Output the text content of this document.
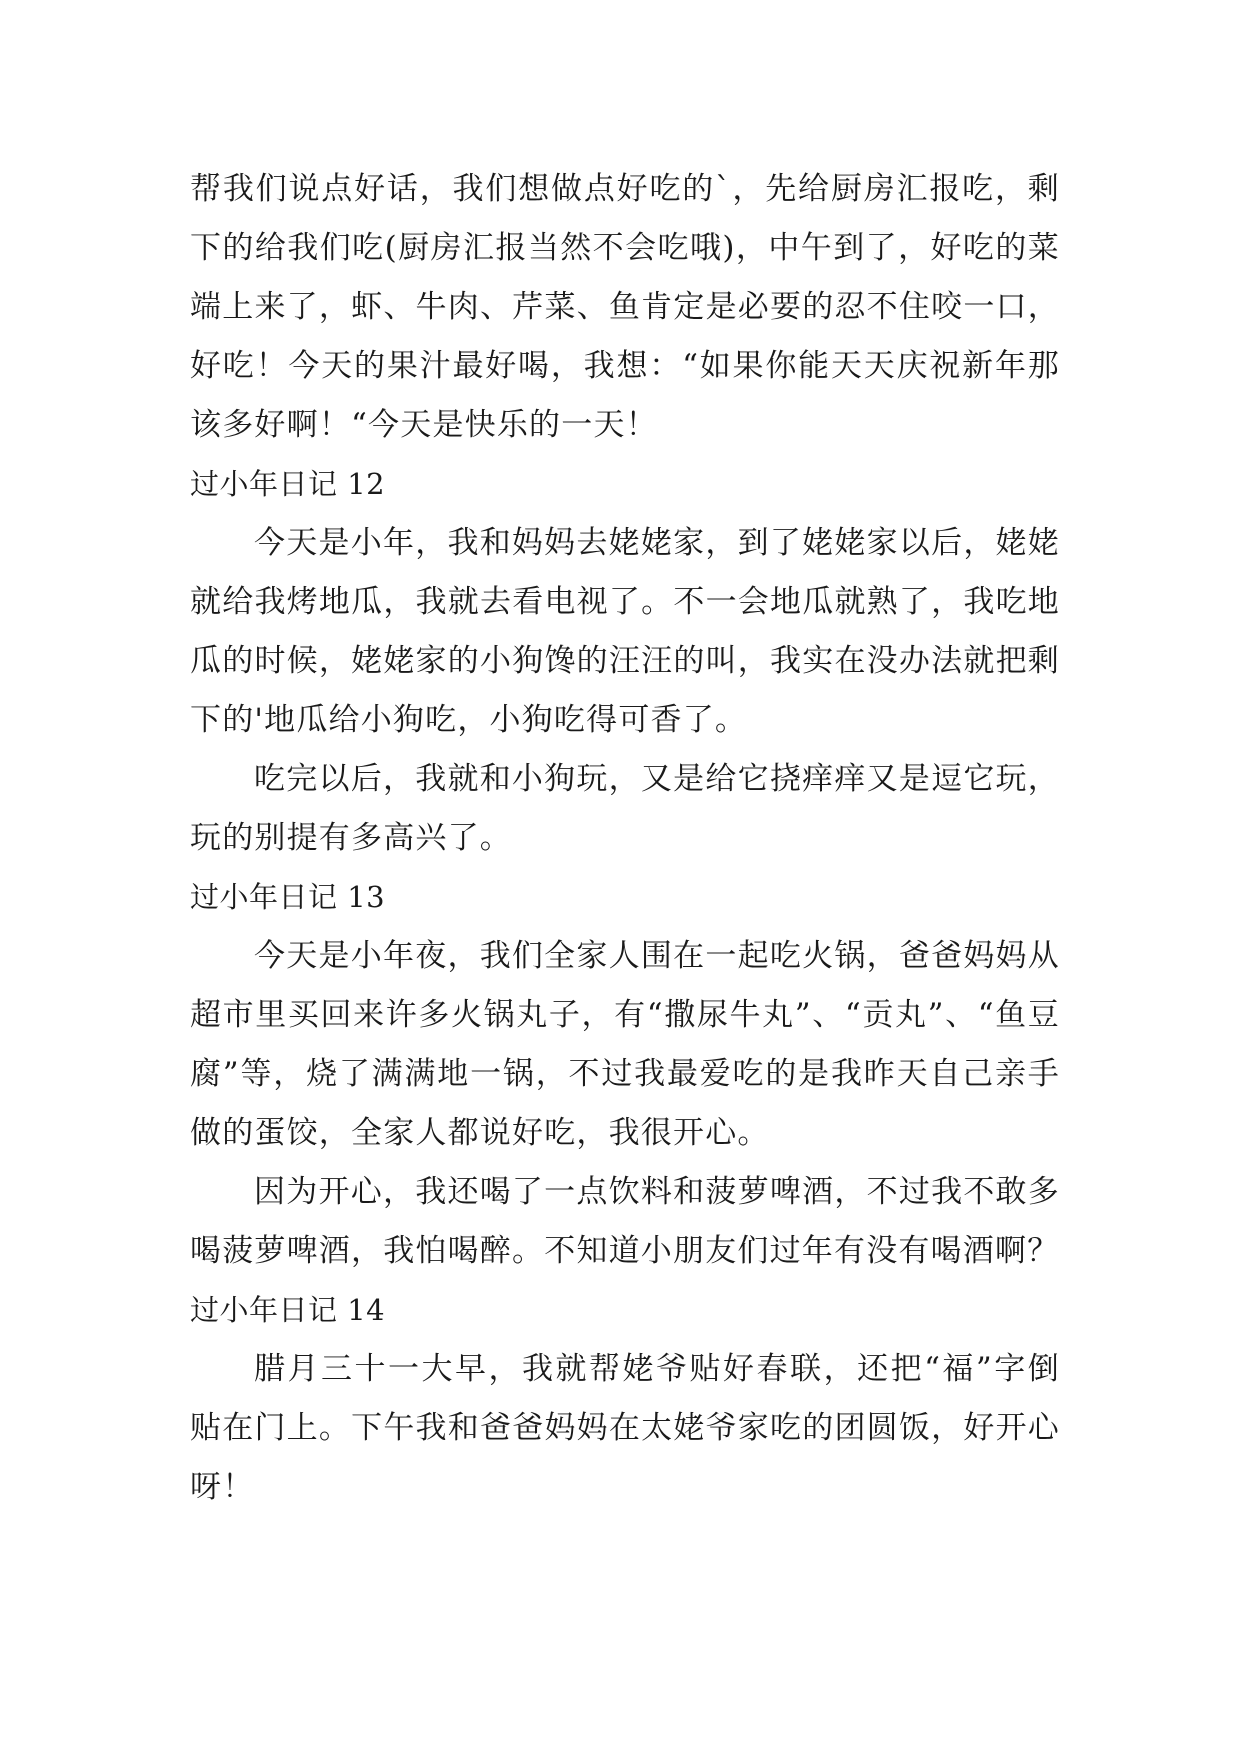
帮我们说点好话，我们想做点好吃的`，先给厨房汇报吃，剩下的给我们吃(厨房汇报当然不会吃哦)，中午到了，好吃的菜端上来了，虾、牛肉、芹菜、鱼肯定是必要的忍不住咬一口，好吃！今天的果汁最好喝，我想：“如果你能天天庆祝新年那该多好啊！“今天是快乐的一天！

过小年日记 12

今天是小年，我和妈妈去姥姥家，到了姥姥家以后，姥姥就给我烤地瓜，我就去看电视了。不一会地瓜就熟了，我吃地瓜的时候，姥姥家的小狗馋的汪汪的叫，我实在没办法就把剩下的'地瓜给小狗吃，小狗吃得可香了。

吃完以后，我就和小狗玩，又是给它挠痒痒又是逗它玩，玩的别提有多高兴了。

过小年日记 13

今天是小年夜，我们全家人围在一起吃火锅，爸爸妈妈从超市里买回来许多火锅丸子，有“撒尿牛丸”、“贡丸”、“鱼豆腐”等，烧了满满地一锅，不过我最爱吃的是我昨天自己亲手做的蛋饺，全家人都说好吃，我很开心。

因为开心，我还喝了一点饮料和菠萝啤酒，不过我不敢多喝菠萝啤酒，我怕喝醉。不知道小朋友们过年有没有喝酒啊？

过小年日记 14

腊月三十一大早，我就帮姥爷贴好春联，还把“福”字倒贴在门上。下午我和爸爸妈妈在太姥爷家吃的团圆饭，好开心呀！
